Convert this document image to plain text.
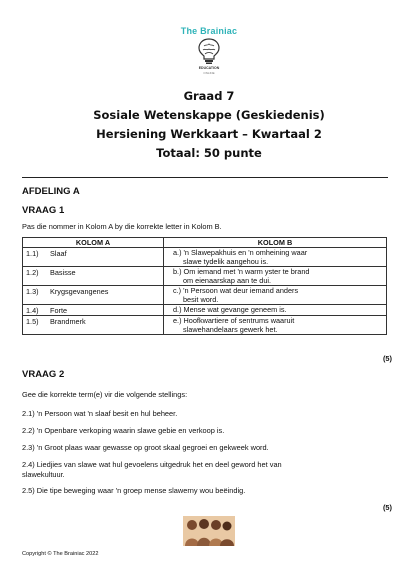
The Brainiac
EDUCATION
ONLINE
Graad 7
Sosiale Wetenskappe (Geskiedenis)
Hersiening Werkkaart – Kwartaal 2
Totaal: 50 punte
AFDELING A
VRAAG 1
Pas die nommer in Kolom A by die korrekte letter in Kolom B.
KOLOM A		KOLOM B
1.1)	Slaaf	a.) 'n Slawepakhuis en 'n omheining waar
slawe tydelik aangehou is.

1.2)	Basisse	b.) Om iemand met 'n warm yster te brand
om eienaarskap aan te dui.

1.3)	Krygsgevangenes	c.) 'n Persoon wat deur iemand anders
besit word.

1.4)	Forte	d.) Mense wat gevange geneem is.

1.5)	Brandmerk	e.) Hoofkwartiere of sentrums waaruit
slawehandelaars gewerk het.
(5)
VRAAG 2
Gee die korrekte term(e) vir die volgende stellings:
2.1) 'n Persoon wat 'n slaaf besit en hul beheer.
2.2) 'n Openbare verkoping waarin slawe gebie en verkoop is.
2.3) 'n Groot plaas waar gewasse op groot skaal gegroei en gekweek word.
2.4) Liedjies van slawe wat hul gevoelens uitgedruk het en deel geword het van
slawekultuur.
2.5) Die tipe beweging waar 'n groep mense slawerny wou beëindig.
(5)
Copyright © The Brainiac 2022
